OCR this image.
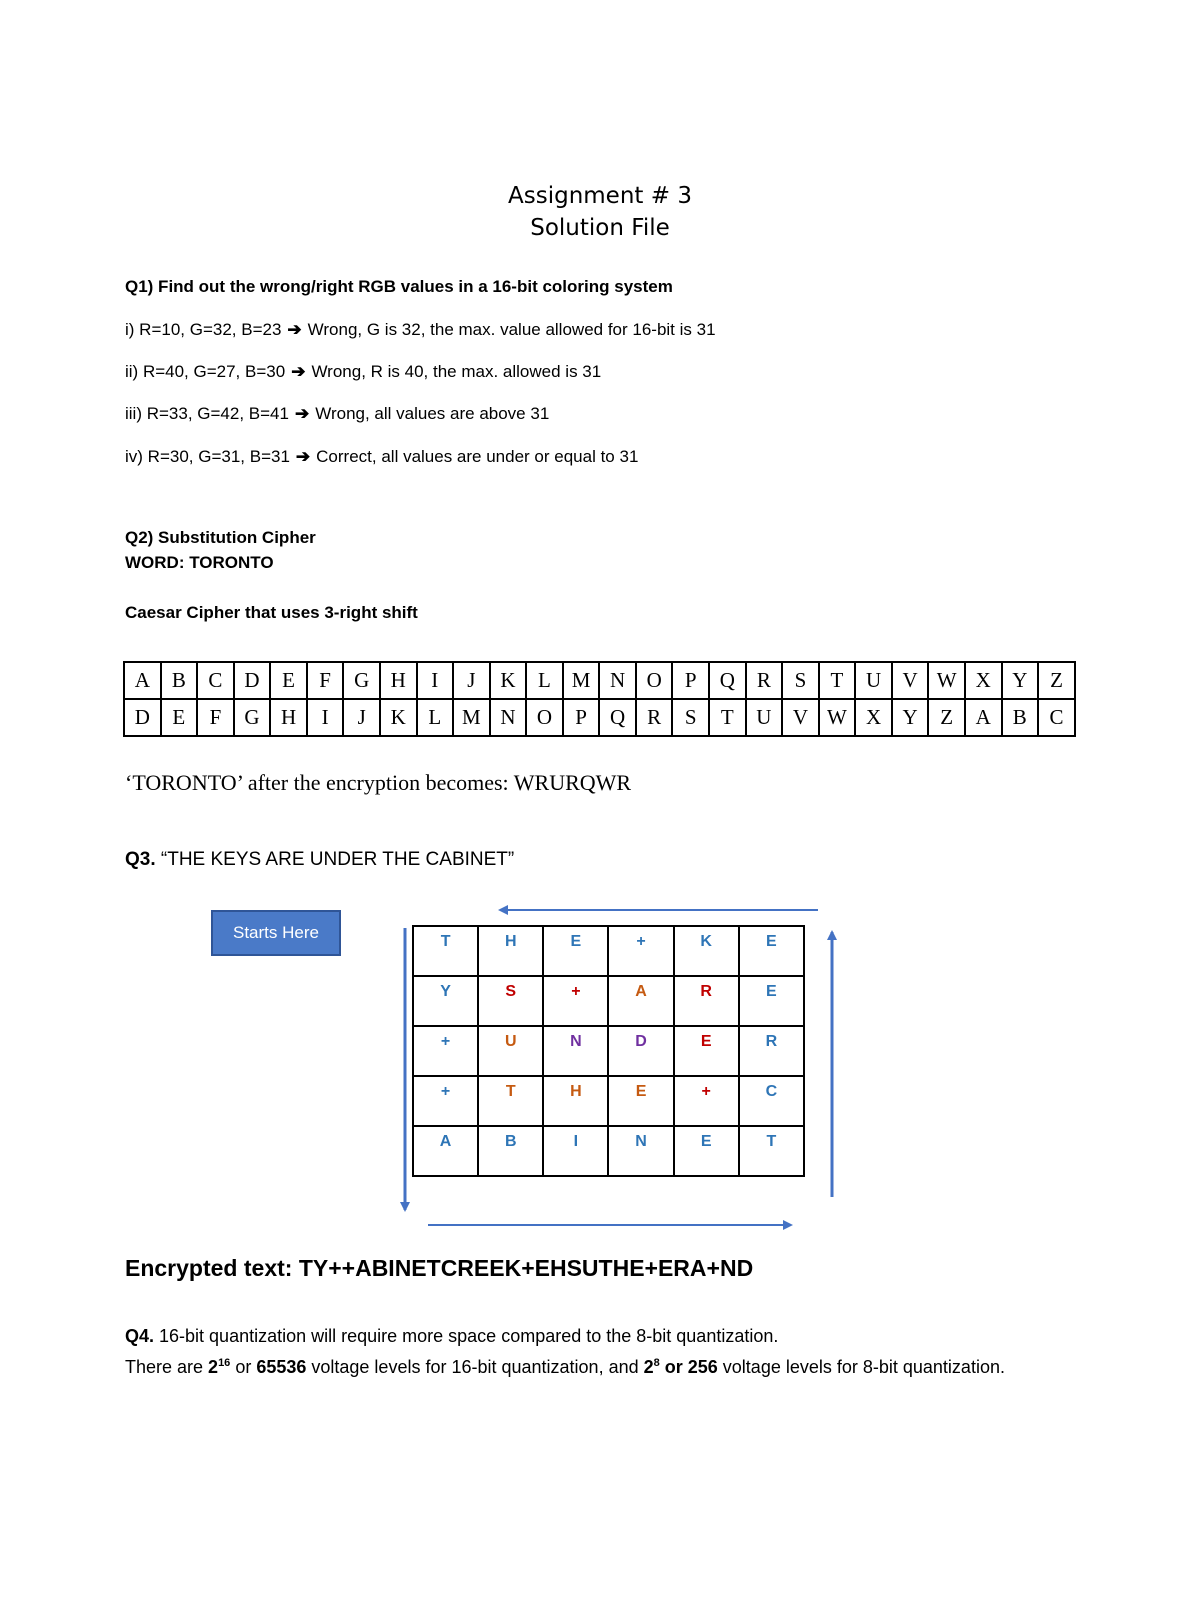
Assignment # 3
Solution File
Q1) Find out the wrong/right RGB values in a 16-bit coloring system
i) R=10, G=32, B=23 ➔ Wrong, G is 32, the max. value allowed for 16-bit is 31
ii) R=40, G=27, B=30 ➔ Wrong, R is 40, the max. allowed is 31
iii) R=33, G=42, B=41 ➔ Wrong, all values are above 31
iv) R=30, G=31, B=31 ➔ Correct, all values are under or equal to 31
Q2) Substitution Cipher
WORD: TORONTO
Caesar Cipher that uses 3-right shift
A	B	C	D	E	F	G	H	I	J	K	L	M	N	O	P	Q	R	S	T	U	V	W	X	Y	Z
D	E	F	G	H	I	J	K	L	M	N	O	P	Q	R	S	T	U	V	W	X	Y	Z	A	B	C
‘TORONTO’ after the encryption becomes: WRURQWR
Q3. “THE KEYS ARE UNDER THE CABINET”
Starts Here	T	H	E	+	K	E
Y	S	+	A	R	E
+	U	N	D	E	R
+	T	H	E	+	C
A	B	I	N	E	T
Encrypted text: TY++ABINETCREEK+EHSUTHE+ERA+ND
Q4. 16-bit quantization will require more space compared to the 8-bit quantization.
There are $2^{16}$ or 65536 voltage levels for 16-bit quantization, and $2^8$ or 256 voltage levels for 8-bit quantization.
